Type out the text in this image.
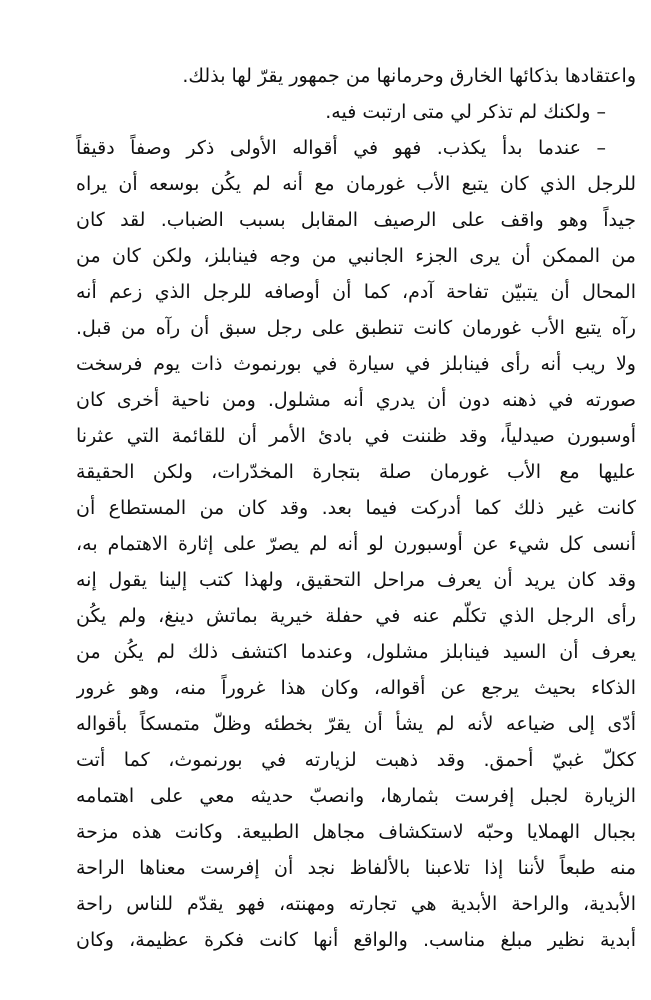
واعتقادها بذكائها الخارق وحرمانها من جمهور يقرّ لها بذلك.
– ولكنك لم تذكر لي متى ارتبت فيه.
– عندما بدأ يكذب. فهو في أقواله الأولى ذكر وصفاً دقيقاً
للرجل الذي كان يتبع الأب غورمان مع أنه لم يكُن بوسعه أن يراه
جيداً وهو واقف على الرصيف المقابل بسبب الضباب. لقد كان
من الممكن أن يرى الجزء الجانبي من وجه فينابلز، ولكن كان من
المحال أن يتبيّن تفاحة آدم، كما أن أوصافه للرجل الذي زعم أنه
رآه يتبع الأب غورمان كانت تنطبق على رجل سبق أن رآه من قبل.
ولا ريب أنه رأى فينابلز في سيارة في بورنموث ذات يوم فرسخت
صورته في ذهنه دون أن يدري أنه مشلول. ومن ناحية أخرى كان
أوسبورن صيدلياً، وقد ظننت في بادئ الأمر أن للقائمة التي عثرنا
عليها مع الأب غورمان صلة بتجارة المخدّرات، ولكن الحقيقة
كانت غير ذلك كما أدركت فيما بعد. وقد كان من المستطاع أن
أنسى كل شيء عن أوسبورن لو أنه لم يصرّ على إثارة الاهتمام به،
وقد كان يريد أن يعرف مراحل التحقيق، ولهذا كتب إلينا يقول إنه
رأى الرجل الذي تكلّم عنه في حفلة خيرية بماتش دينغ، ولم يكُن
يعرف أن السيد فينابلز مشلول، وعندما اكتشف ذلك لم يكُن من
الذكاء بحيث يرجع عن أقواله، وكان هذا غروراً منه، وهو غرور
أدّى إلى ضياعه لأنه لم يشأ أن يقرّ بخطئه وظلّ متمسكاً بأقواله
ككلّ غبيّ أحمق. وقد ذهبت لزيارته في بورنموث، كما أتت
الزيارة لجبل إفرست بثمارها، وانصبّ حديثه معي على اهتمامه
بجبال الهملايا وحبّه لاستكشاف مجاهل الطبيعة. وكانت هذه مزحة
منه طبعاً لأننا إذا تلاعبنا بالألفاظ نجد أن إفرست معناها الراحة
الأبدية، والراحة الأبدية هي تجارته ومهنته، فهو يقدّم للناس راحة
أبدية نظير مبلغ مناسب. والواقع أنها كانت فكرة عظيمة، وكان
